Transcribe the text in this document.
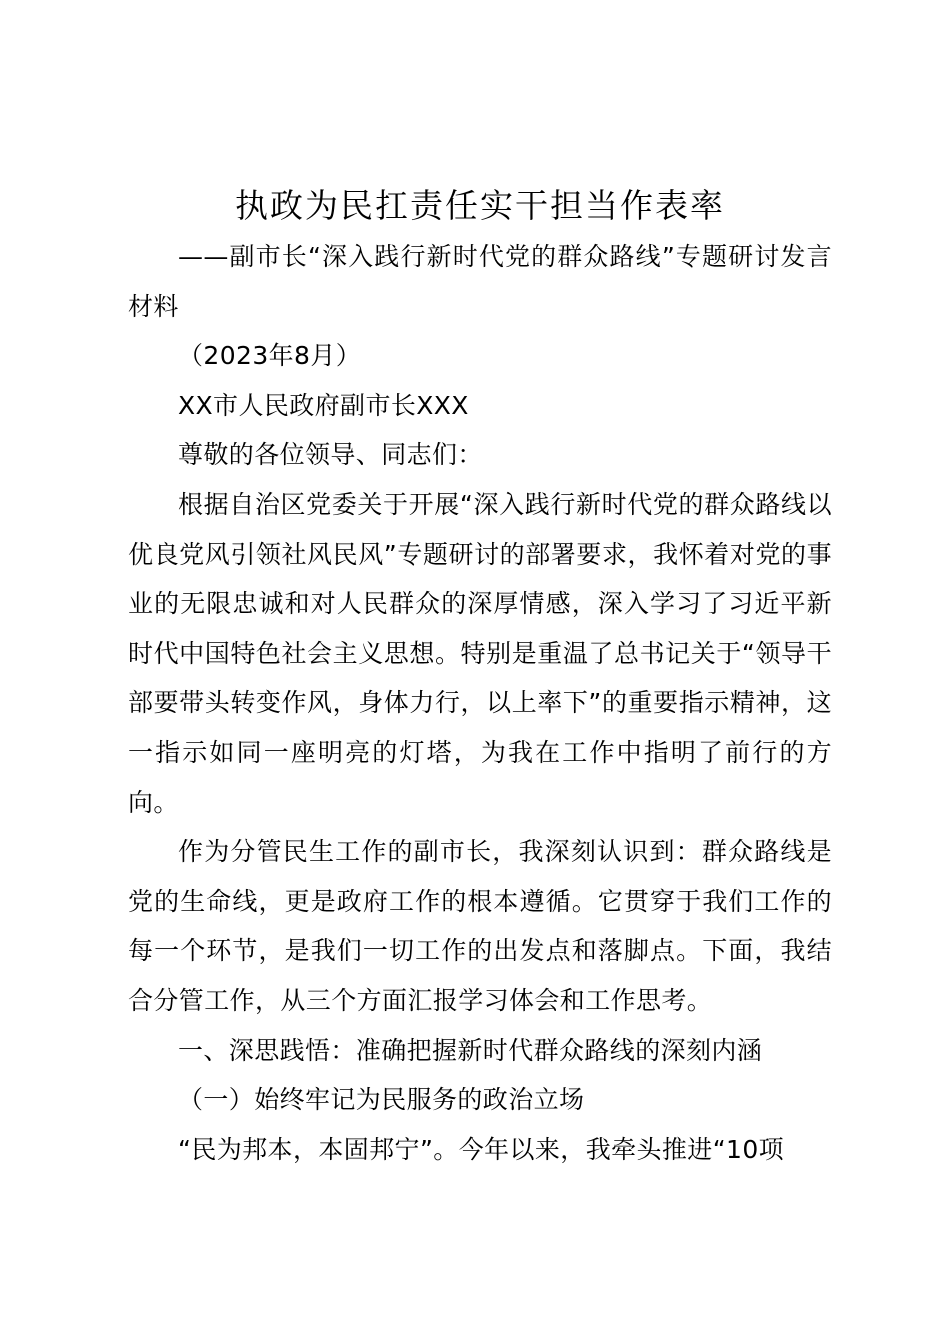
执政为民扛责任实干担当作表率

——副市长“深入践行新时代党的群众路线”专题研讨发言材料

（2023年8月）

XX市人民政府副市长XXX

尊敬的各位领导、同志们：

根据自治区党委关于开展“深入践行新时代党的群众路线以优良党风引领社风民风”专题研讨的部署要求，我怀着对党的事业的无限忠诚和对人民群众的深厚情感，深入学习了习近平新时代中国特色社会主义思想。特别是重温了总书记关于“领导干部要带头转变作风，身体力行，以上率下”的重要指示精神，这一指示如同一座明亮的灯塔，为我在工作中指明了前行的方向。

作为分管民生工作的副市长，我深刻认识到：群众路线是党的生命线，更是政府工作的根本遵循。它贯穿于我们工作的每一个环节，是我们一切工作的出发点和落脚点。下面，我结合分管工作，从三个方面汇报学习体会和工作思考。

一、深思践悟：准确把握新时代群众路线的深刻内涵

（一）始终牢记为民服务的政治立场

“民为邦本，本固邦宁”。今年以来，我牵头推进“10项
